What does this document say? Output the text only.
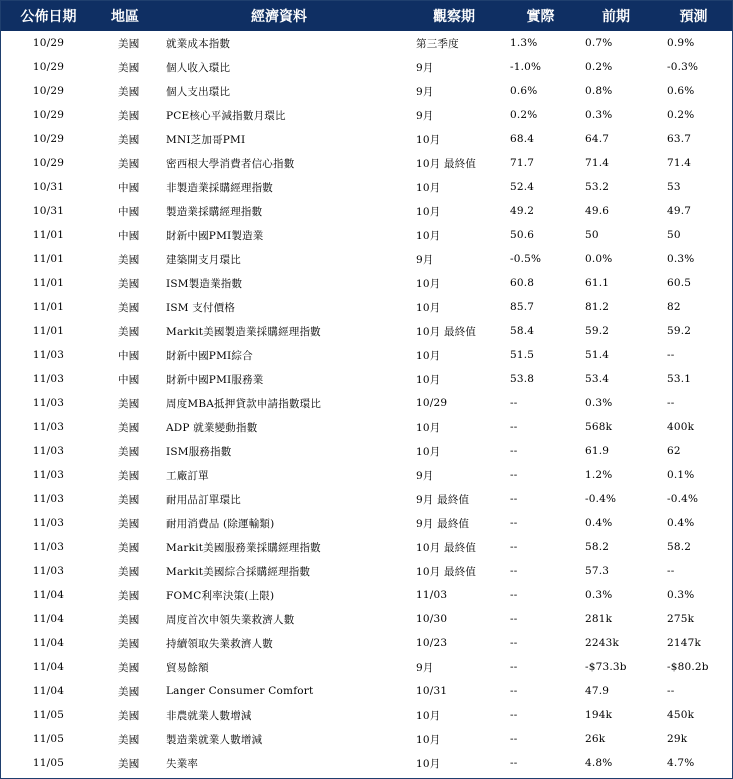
公佈日期	地區	經濟資料	觀察期	實際	前期	預測
10/29	美國	就業成本指數	第三季度	1.3%	0.7%	0.9%
10/29	美國	個人收入環比	9月	-1.0%	0.2%	-0.3%
10/29	美國	個人支出環比	9月	0.6%	0.8%	0.6%
10/29	美國	PCE核心平減指數月環比	9月	0.2%	0.3%	0.2%
10/29	美國	MNI芝加哥PMI	10月	68.4	64.7	63.7
10/29	美國	密西根大學消費者信心指數	10月 最終值	71.7	71.4	71.4
10/31	中國	非製造業採購經理指數	10月	52.4	53.2	53
10/31	中國	製造業採購經理指數	10月	49.2	49.6	49.7
11/01	中國	財新中國PMI製造業	10月	50.6	50	50
11/01	美國	建築開支月環比	9月	-0.5%	0.0%	0.3%
11/01	美國	ISM製造業指數	10月	60.8	61.1	60.5
11/01	美國	ISM 支付價格	10月	85.7	81.2	82
11/01	美國	Markit美國製造業採購經理指數	10月 最終值	58.4	59.2	59.2
11/03	中國	財新中國PMI綜合	10月	51.5	51.4	--
11/03	中國	財新中國PMI服務業	10月	53.8	53.4	53.1
11/03	美國	周度MBA抵押貸款申請指數環比	10/29	--	0.3%	--
11/03	美國	ADP 就業變動指數	10月	--	568k	400k
11/03	美國	ISM服務指數	10月	--	61.9	62
11/03	美國	工廠訂單	9月	--	1.2%	0.1%
11/03	美國	耐用品訂單環比	9月 最終值	--	-0.4%	-0.4%
11/03	美國	耐用消費品 (除運輸類)	9月 最終值	--	0.4%	0.4%
11/03	美國	Markit美國服務業採購經理指數	10月 最終值	--	58.2	58.2
11/03	美國	Markit美國綜合採購經理指數	10月 最終值	--	57.3	--
11/04	美國	FOMC利率決策(上限)	11/03	--	0.3%	0.3%
11/04	美國	周度首次申領失業救濟人數	10/30	--	281k	275k
11/04	美國	持續領取失業救濟人數	10/23	--	2243k	2147k
11/04	美國	貿易餘額	9月	--	-$73.3b	-$80.2b
11/04	美國	Langer Consumer Comfort	10/31	--	47.9	--
11/05	美國	非農就業人數增減	10月	--	194k	450k
11/05	美國	製造業就業人數增減	10月	--	26k	29k
11/05	美國	失業率	10月	--	4.8%	4.7%
